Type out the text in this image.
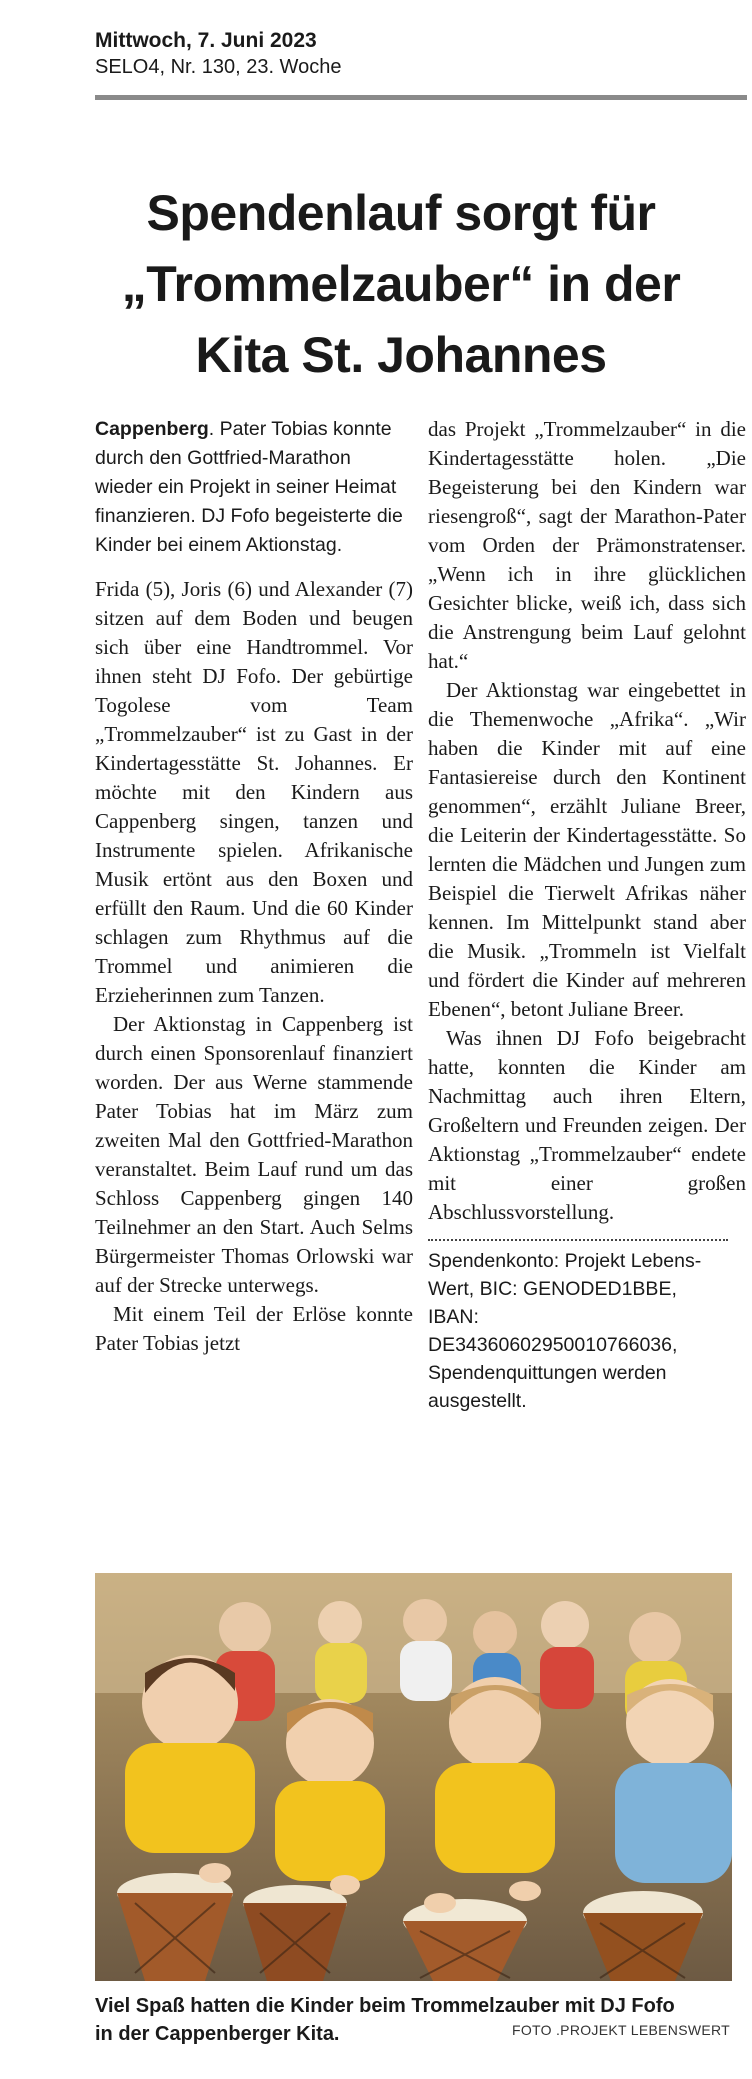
Mittwoch, 7. Juni 2023
SELO4, Nr. 130, 23. Woche
Spendenlauf sorgt für
„Trommelzauber“ in der
Kita St. Johannes

Cappenberg. Pater Tobias konnte durch den Gottfried-Marathon wieder ein Projekt in seiner Heimat finanzieren. DJ Fofo begeisterte die Kinder bei einem Aktionstag.

Frida (5), Joris (6) und Alexander (7) sitzen auf dem Boden und beugen sich über eine Handtrommel. Vor ihnen steht DJ Fofo. Der gebürtige Togolese vom Team „Trommelzauber“ ist zu Gast in der Kindertagesstätte St. Johannes. Er möchte mit den Kindern aus Cappenberg singen, tanzen und Instrumente spielen. Afrikanische Musik ertönt aus den Boxen und erfüllt den Raum. Und die 60 Kinder schlagen zum Rhythmus auf die Trommel und animieren die Erzieherinnen zum Tanzen.

Der Aktionstag in Cappenberg ist durch einen Sponsorenlauf finanziert worden. Der aus Werne stammende Pater Tobias hat im März zum zweiten Mal den Gottfried-Marathon veranstaltet. Beim Lauf rund um das Schloss Cappenberg gingen 140 Teilnehmer an den Start. Auch Selms Bürgermeister Thomas Orlowski war auf der Strecke unterwegs.

Mit einem Teil der Erlöse konnte Pater Tobias jetzt

das Projekt „Trommelzauber“ in die Kindertagesstätte holen. „Die Begeisterung bei den Kindern war riesengroß“, sagt der Marathon-Pater vom Orden der Prämonstratenser. „Wenn ich in ihre glücklichen Gesichter blicke, weiß ich, dass sich die Anstrengung beim Lauf gelohnt hat.“

Der Aktionstag war eingebettet in die Themenwoche „Afrika“. „Wir haben die Kinder mit auf eine Fantasiereise durch den Kontinent genommen“, erzählt Juliane Breer, die Leiterin der Kindertagesstätte. So lernten die Mädchen und Jungen zum Beispiel die Tierwelt Afrikas näher kennen. Im Mittelpunkt stand aber die Musik. „Trommeln ist Vielfalt und fördert die Kinder auf mehreren Ebenen“, betont Juliane Breer.

Was ihnen DJ Fofo beigebracht hatte, konnten die Kinder am Nachmittag auch ihren Eltern, Großeltern und Freunden zeigen. Der Aktionstag „Trommelzauber“ endete mit einer großen Abschlussvorstellung.

Spendenkonto: Projekt Lebens-
Wert, BIC: GENODED1BBE,
IBAN:
DE34360602950010766036,
Spendenquittungen werden
ausgestellt.
Viel Spaß hatten die Kinder beim Trommelzauber mit DJ Fofo
in der Cappenberger Kita.	FOTO .PROJEKT LEBENSWERT
